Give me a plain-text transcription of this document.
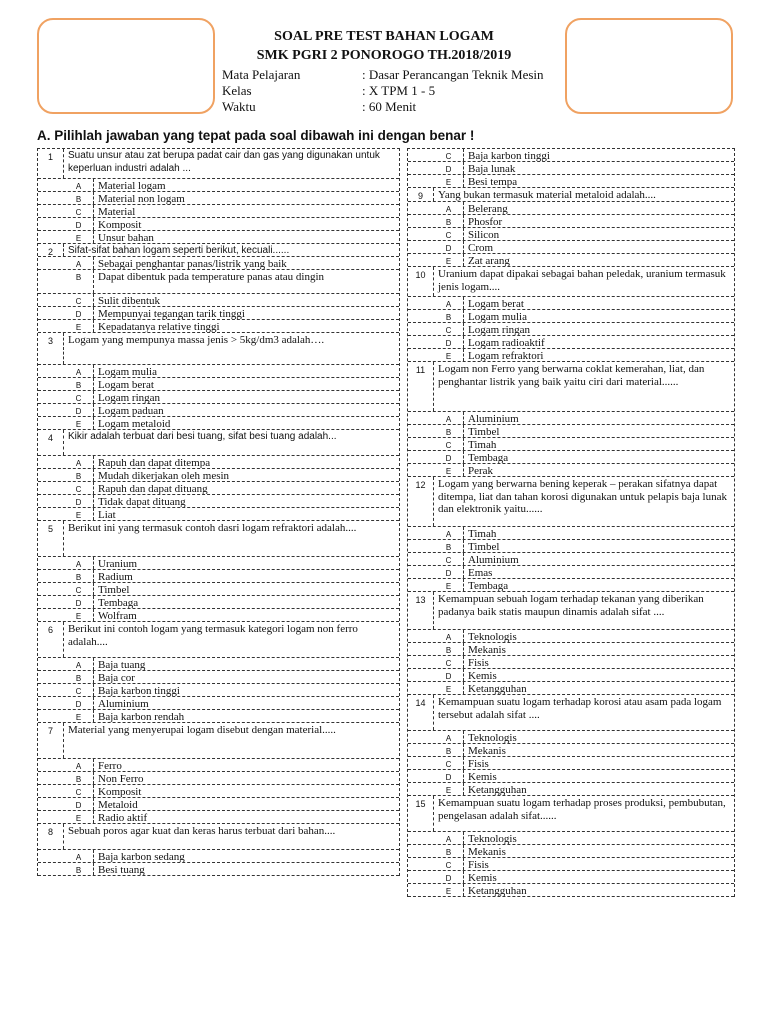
SOAL PRE TEST BAHAN LOGAM
SMK PGRI 2 PONOROGO TH.2018/2019
Mata Pelajaran	: Dasar Perancangan Teknik Mesin
Kelas	: X TPM 1 - 5
Waktu	: 60 Menit
A. Pilihlah jawaban yang tepat pada soal dibawah ini dengan benar !
1	Suatu unsur atau zat berupa padat cair dan gas yang digunakan untuk keperluan industri adalah ...
A	Material logam
B	Material non logam
C	Material
D	Komposit
E	Unsur bahan
2	Sifat-sifat bahan logam seperti berikut, kecuali......
A	Sebagai penghantar panas/listrik yang baik
B	Dapat dibentuk pada temperature panas atau dingin
C	Sulit dibentuk
D	Mempunyai tegangan tarik tinggi
E	Kepadatanya relative tinggi
3	Logam yang mempunya massa jenis > 5kg/dm3 adalah….
A	Logam mulia
B	Logam berat
C	Logam ringan
D	Logam paduan
E	Logam metaloid
4	Kikir adalah terbuat dari besi tuang, sifat besi tuang adalah...
A	Rapuh dan dapat ditempa
B	Mudah dikerjakan oleh mesin
C	Rapuh dan dapat dituang
D	Tidak dapat dituang
E	Liat
5	Berikut ini yang termasuk contoh dasri logam refraktori adalah....
A	Uranium
B	Radium
C	Timbel
D	Tembaga
E	Wolfram
6	Berikut ini contoh logam yang termasuk kategori logam non ferro adalah....
A	Baja tuang
B	Baja cor
C	Baja karbon tinggi
D	Aluminium
E	Baja karbon rendah
7	Material yang menyerupai logam disebut dengan material.....
A	Ferro
B	Non Ferro
C	Komposit
D	Metaloid
E	Radio aktif
8	Sebuah poros agar kuat dan keras harus terbuat dari bahan....
A	Baja karbon sedang
B	Besi tuang
C	Baja karbon tinggi
D	Baja lunak
E	Besi tempa
9	Yang bukan termasuk material metaloid adalah....
A	Belerang
B	Phosfor
C	Silicon
D	Crom
E	Zat arang
10	Uranium dapat dipakai sebagai bahan peledak, uranium termasuk jenis logam....
A	Logam berat
B	Logam mulia
C	Logam ringan
D	Logam radioaktif
E	Logam refraktori
11	Logam non Ferro yang berwarna coklat kemerahan, liat, dan penghantar listrik yang baik yaitu ciri dari material......
A	Aluminium
B	Timbel
C	Timah
D	Tembaga
E	Perak
12	Logam yang berwarna bening keperak – perakan sifatnya dapat ditempa, liat dan tahan korosi digunakan untuk pelapis baja lunak dan elektronik yaitu......
A	Timah
B	Timbel
C	Aluminium
D	Emas
E	Tembaga
13	Kemampuan sebuah logam terhadap tekanan yang diberikan padanya baik statis maupun dinamis adalah sifat ....
A	Teknologis
B	Mekanis
C	Fisis
D	Kemis
E	Ketangguhan
14	Kemampuan suatu logam terhadap korosi atau asam pada logam tersebut adalah sifat ....
A	Teknologis
B	Mekanis
C	Fisis
D	Kemis
E	Ketangguhan
15	Kemampuan suatu logam terhadap proses produksi, pembubutan, pengelasan adalah sifat......
A	Teknologis
B	Mekanis
C	Fisis
D	Kemis
E	Ketangguhan
